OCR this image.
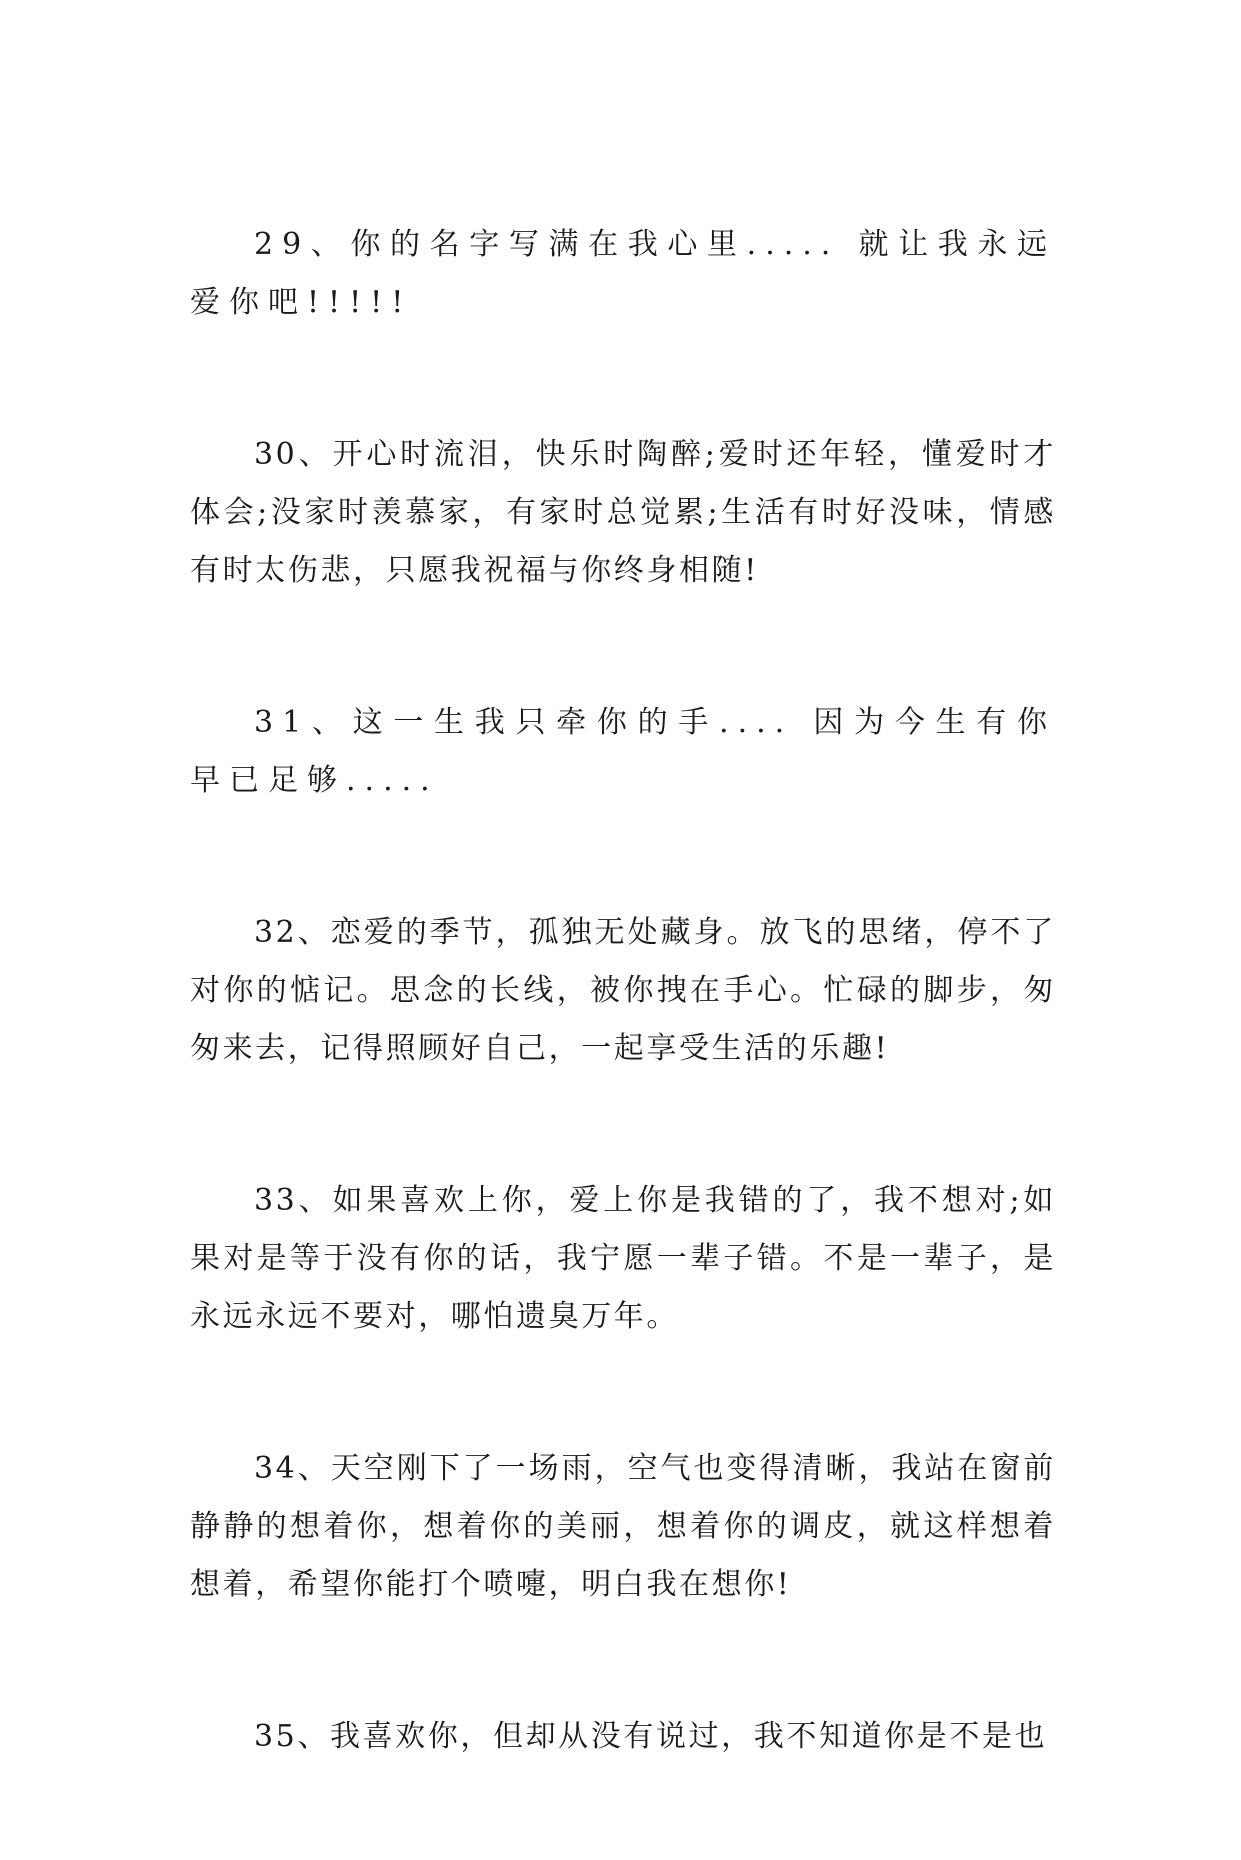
29、你的名字写满在我心里..... 就让我永远爱你吧!!!!!

30、开心时流泪，快乐时陶醉;爱时还年轻，懂爱时才体会;没家时羡慕家，有家时总觉累;生活有时好没味，情感有时太伤悲，只愿我祝福与你终身相随!

31、这一生我只牵你的手.... 因为今生有你早已足够.....

32、恋爱的季节，孤独无处藏身。放飞的思绪，停不了对你的惦记。思念的长线，被你拽在手心。忙碌的脚步，匆匆来去，记得照顾好自己，一起享受生活的乐趣!

33、如果喜欢上你，爱上你是我错的了，我不想对;如果对是等于没有你的话，我宁愿一辈子错。不是一辈子，是永远永远不要对，哪怕遗臭万年。

34、天空刚下了一场雨，空气也变得清晰，我站在窗前静静的想着你，想着你的美丽，想着你的调皮，就这样想着想着，希望你能打个喷嚏，明白我在想你!

35、我喜欢你，但却从没有说过，我不知道你是不是也
